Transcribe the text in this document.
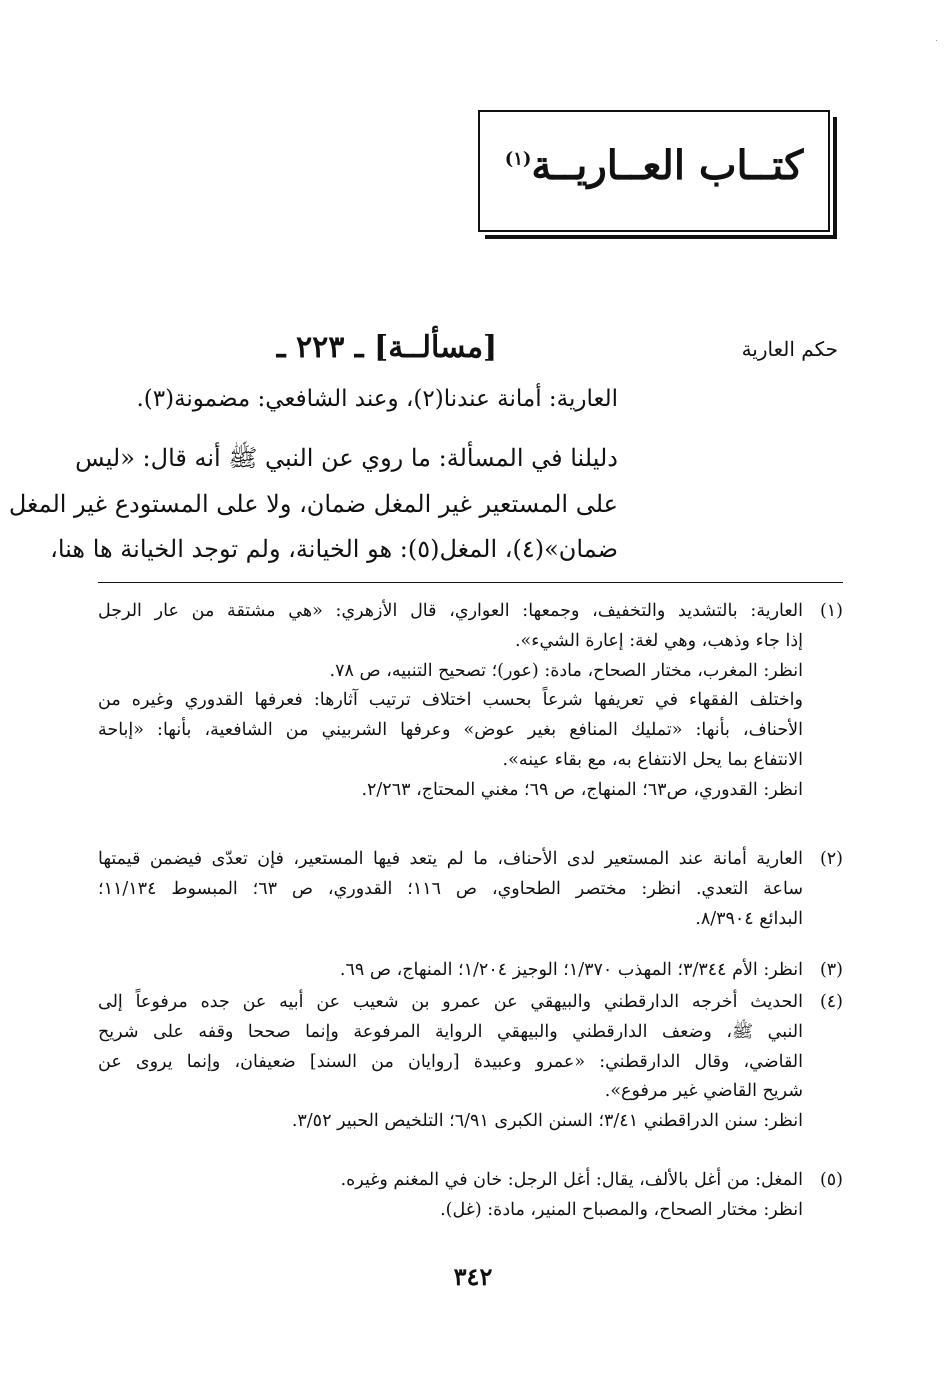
كتــاب العــاريــة$^{(١)}$
حكم العارية
[مسألــة] ـ ٢٢٣ ـ
العارية: أمانة عندنا(٢)، وعند الشافعي: مضمونة(٣).
دليلنا في المسألة: ما روي عن النبي ﷺ أنه قال: «ليس
على المستعير غير المغل ضمان، ولا على المستودع غير المغل
ضمان»(٤)، المغل(٥): هو الخيانة، ولم توجد الخيانة ها هنا،
(١)
العارية: بالتشديد والتخفيف، وجمعها: العواري، قال الأزهري: «هي مشتقة من عار الرجل
إذا جاء وذهب، وهي لغة: إعارة الشيء».
انظر: المغرب، مختار الصحاح، مادة: (عور)؛ تصحيح التنبيه، ص ٧٨.
واختلف الفقهاء في تعريفها شرعاً بحسب اختلاف ترتيب آثارها: فعرفها القدوري وغيره من
الأحناف، بأنها: «تمليك المنافع بغير عوض» وعرفها الشربيني من الشافعية، بأنها: «إباحة
الانتفاع بما يحل الانتفاع به، مع بقاء عينه».
انظر: القدوري، ص٦٣؛ المنهاج، ص ٦٩؛ مغني المحتاج، ٢/٢٦٣.
(٢)
العارية أمانة عند المستعير لدى الأحناف، ما لم يتعد فيها المستعير، فإن تعدّى فيضمن قيمتها
ساعة التعدي. انظر: مختصر الطحاوي، ص ١١٦؛ القدوري، ص ٦٣؛ المبسوط ١١/١٣٤؛
البدائع ٨/٣٩٠٤.
(٣)
انظر: الأم ٣/٣٤٤؛ المهذب ١/٣٧٠؛ الوجيز ١/٢٠٤؛ المنهاج، ص ٦٩.
(٤)
الحديث أخرجه الدارقطني والبيهقي عن عمرو بن شعيب عن أبيه عن جده مرفوعاً إلى
النبي ﷺ، وضعف الدارقطني والبيهقي الرواية المرفوعة وإنما صححا وقفه على شريح
القاضي، وقال الدارقطني: «عمرو وعبيدة [روايان من السند] ضعيفان، وإنما يروى عن
شريح القاضي غير مرفوع».
انظر: سنن الدراقطني ٣/٤١؛ السنن الكبرى ٦/٩١؛ التلخيص الحبير ٣/٥٢.
(٥)
المغل: من أغل بالألف، يقال: أغل الرجل: خان في المغنم وغيره.
انظر: مختار الصحاح، والمصباح المنير، مادة: (غل).
٣٤٢
